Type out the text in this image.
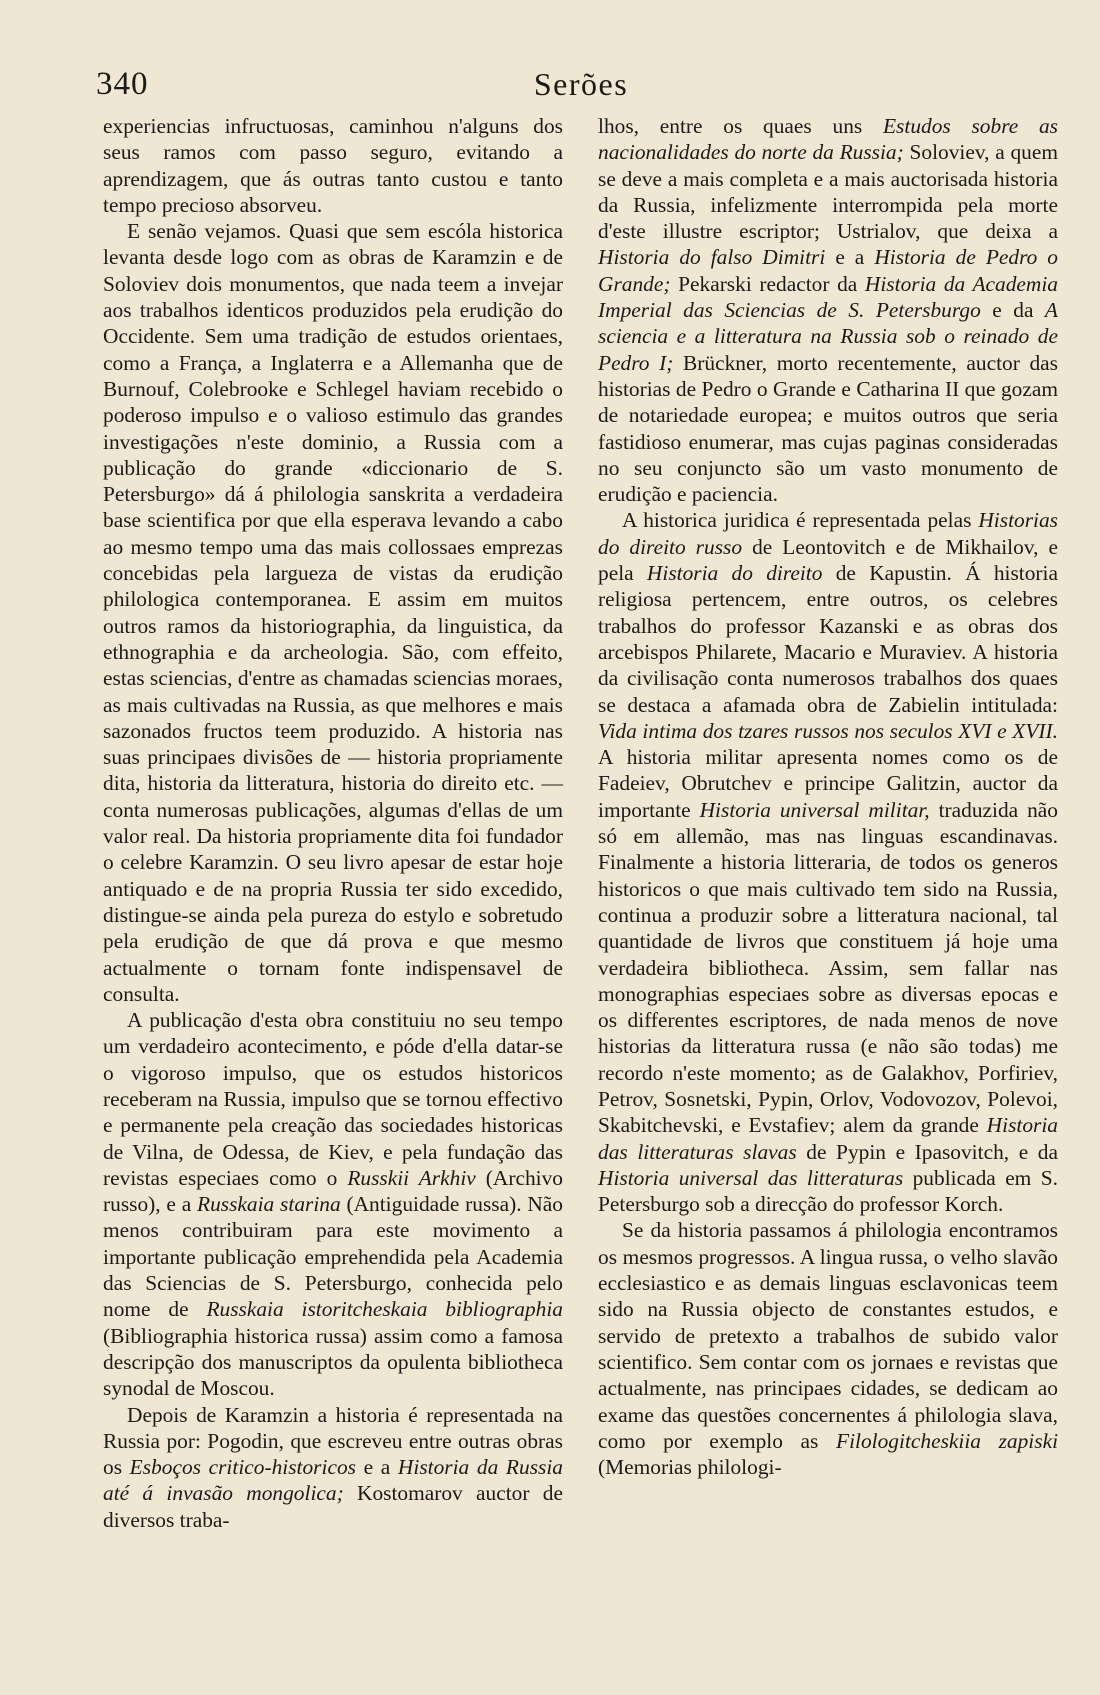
340	Serões

experiencias infructuosas, caminhou n'alguns dos seus ramos com passo seguro, evitando a aprendizagem, que ás outras tanto custou e tanto tempo precioso absorveu.

E senão vejamos. Quasi que sem escóla historica levanta desde logo com as obras de Karamzin e de Soloviev dois monumentos, que nada teem a invejar aos trabalhos identicos produzidos pela erudição do Occidente. Sem uma tradição de estudos orientaes, como a França, a Inglaterra e a Allemanha que de Burnouf, Colebrooke e Schlegel haviam recebido o poderoso impulso e o valioso estimulo das grandes investigações n'este dominio, a Russia com a publicação do grande «diccionario de S. Petersburgo» dá á philologia sanskrita a verdadeira base scientifica por que ella esperava levando a cabo ao mesmo tempo uma das mais collossaes emprezas concebidas pela largueza de vistas da erudição philologica contemporanea. E assim em muitos outros ramos da historiographia, da linguistica, da ethnographia e da archeologia. São, com effeito, estas sciencias, d'entre as chamadas sciencias moraes, as mais cultivadas na Russia, as que melhores e mais sazonados fructos teem produzido. A historia nas suas principaes divisões de — historia propriamente dita, historia da litteratura, historia do direito etc. — conta numerosas publicações, algumas d'ellas de um valor real. Da historia propriamente dita foi fundador o celebre Karamzin. O seu livro apesar de estar hoje antiquado e de na propria Russia ter sido excedido, distingue-se ainda pela pureza do estylo e sobretudo pela erudição de que dá prova e que mesmo actualmente o tornam fonte indispensavel de consulta.

A publicação d'esta obra constituiu no seu tempo um verdadeiro acontecimento, e póde d'ella datar-se o vigoroso impulso, que os estudos historicos receberam na Russia, impulso que se tornou effectivo e permanente pela creação das sociedades historicas de Vilna, de Odessa, de Kiev, e pela fundação das revistas especiaes como o Russkii Arkhiv (Archivo russo), e a Russkaia starina (Antiguidade russa). Não menos contribuiram para este movimento a importante publicação emprehendida pela Academia das Sciencias de S. Petersburgo, conhecida pelo nome de Russkaia istoritcheskaia bibliographia (Bibliographia historica russa) assim como a famosa descripção dos manuscriptos da opulenta bibliotheca synodal de Moscou.

Depois de Karamzin a historia é representada na Russia por: Pogodin, que escreveu entre outras obras os Esboços critico-historicos e a Historia da Russia até á invasão mongolica; Kostomarov auctor de diversos traba-

lhos, entre os quaes uns Estudos sobre as nacionalidades do norte da Russia; Soloviev, a quem se deve a mais completa e a mais auctorisada historia da Russia, infelizmente interrompida pela morte d'este illustre escriptor; Ustrialov, que deixa a Historia do falso Dimitri e a Historia de Pedro o Grande; Pekarski redactor da Historia da Academia Imperial das Sciencias de S. Petersburgo e da A sciencia e a litteratura na Russia sob o reinado de Pedro I; Brückner, morto recentemente, auctor das historias de Pedro o Grande e Catharina II que gozam de notariedade europea; e muitos outros que seria fastidioso enumerar, mas cujas paginas consideradas no seu conjuncto são um vasto monumento de erudição e paciencia.

A historica juridica é representada pelas Historias do direito russo de Leontovitch e de Mikhailov, e pela Historia do direito de Kapustin. Á historia religiosa pertencem, entre outros, os celebres trabalhos do professor Kazanski e as obras dos arcebispos Philarete, Macario e Muraviev. A historia da civilisação conta numerosos trabalhos dos quaes se destaca a afamada obra de Zabielin intitulada: Vida intima dos tzares russos nos seculos XVI e XVII. A historia militar apresenta nomes como os de Fadeiev, Obrutchev e principe Galitzin, auctor da importante Historia universal militar, traduzida não só em allemão, mas nas linguas escandinavas. Finalmente a historia litteraria, de todos os generos historicos o que mais cultivado tem sido na Russia, continua a produzir sobre a litteratura nacional, tal quantidade de livros que constituem já hoje uma verdadeira bibliotheca. Assim, sem fallar nas monographias especiaes sobre as diversas epocas e os differentes escriptores, de nada menos de nove historias da litteratura russa (e não são todas) me recordo n'este momento; as de Galakhov, Porfiriev, Petrov, Sosnetski, Pypin, Orlov, Vodovozov, Polevoi, Skabitchevski, e Evstafiev; alem da grande Historia das litteraturas slavas de Pypin e Ipasovitch, e da Historia universal das litteraturas publicada em S. Petersburgo sob a direcção do professor Korch.

Se da historia passamos á philologia encontramos os mesmos progressos. A lingua russa, o velho slavão ecclesiastico e as demais linguas esclavonicas teem sido na Russia objecto de constantes estudos, e servido de pretexto a trabalhos de subido valor scientifico. Sem contar com os jornaes e revistas que actualmente, nas principaes cidades, se dedicam ao exame das questões concernentes á philologia slava, como por exemplo as Filologitcheskiia zapiski (Memorias philologi-
